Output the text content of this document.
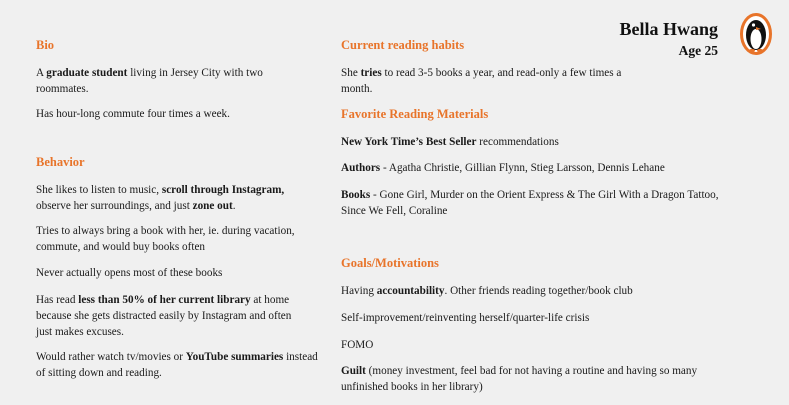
Bella Hwang
Age 25
Bio

A graduate student living in Jersey City with two roommates.

Has hour-long commute four times a week.

Behavior

She likes to listen to music, scroll through Instagram, observe her surroundings, and just zone out.

Tries to always bring a book with her, ie. during vacation, commute, and would buy books often

Never actually opens most of these books

Has read less than 50% of her current library at home because she gets distracted easily by Instagram and often just makes excuses.

Would rather watch tv/movies or YouTube summaries instead of sitting down and reading.

Current reading habits

She tries to read 3-5 books a year, and read-only a few times a month.

Favorite Reading Materials

New York Time’s Best Seller recommendations

Authors - Agatha Christie, Gillian Flynn, Stieg Larsson, Dennis Lehane

Books - Gone Girl, Murder on the Orient Express & The Girl With a Dragon Tattoo, Since We Fell, Coraline

Goals/Motivations

Having accountability. Other friends reading together/book club

Self-improvement/reinventing herself/quarter-life crisis

FOMO

Guilt (money investment, feel bad for not having a routine and having so many unfinished books in her library)
